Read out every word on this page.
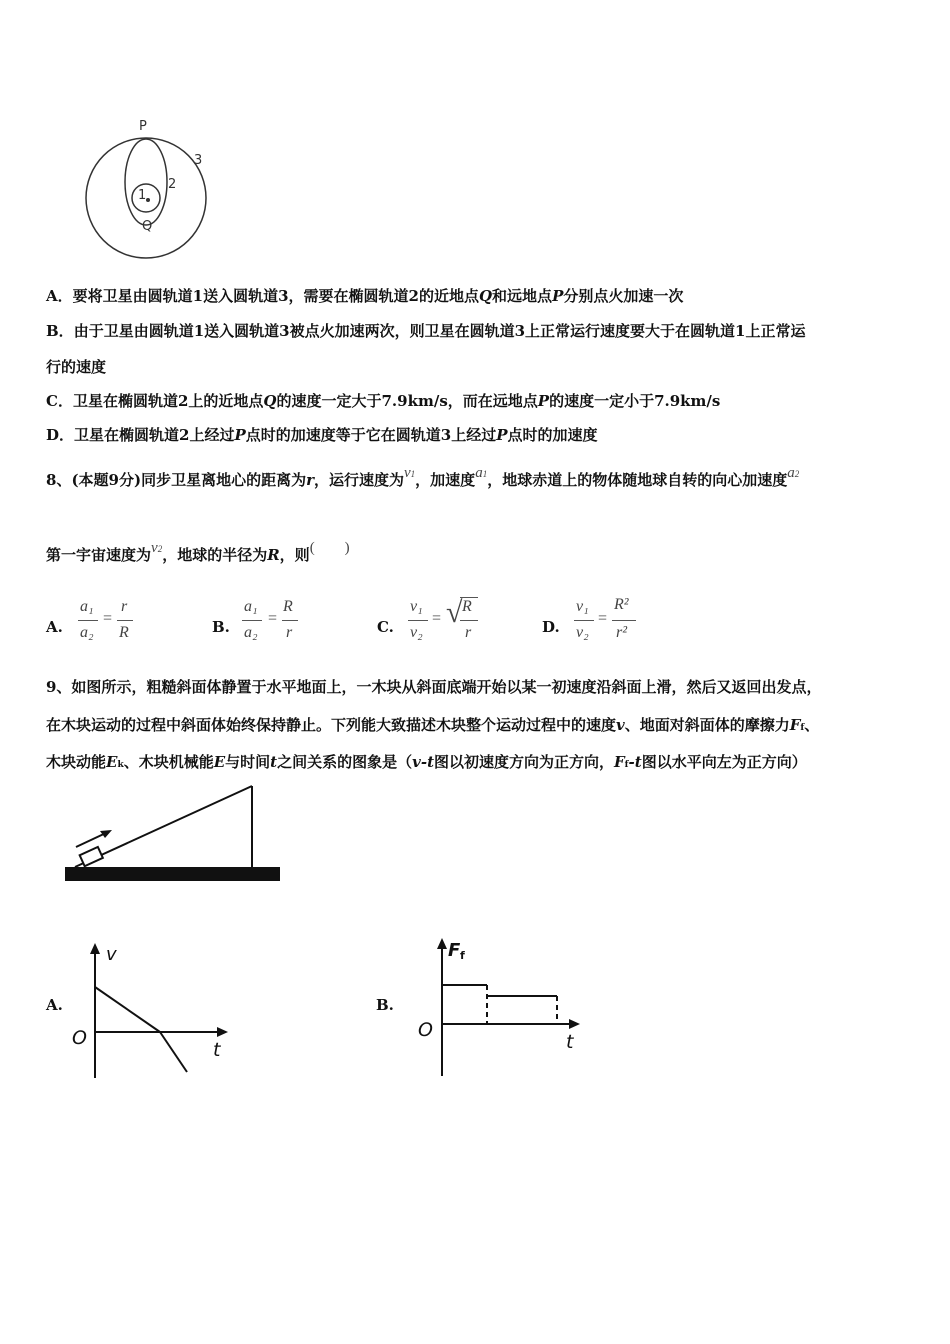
P
1
2
3
Q
A．要将卫星由圆轨道1送入圆轨道3，需要在椭圆轨道2的近地点Q和远地点P分别点火加速一次
B．由于卫星由圆轨道1送入圆轨道3被点火加速两次，则卫星在圆轨道3上正常运行速度要大于在圆轨道1上正常运
行的速度
C．卫星在椭圆轨道2上的近地点Q的速度一定大于7.9km/s，而在远地点P的速度一定小于7.9km/s
D．卫星在椭圆轨道2上经过P点时的加速度等于它在圆轨道3上经过P点时的加速度
8、(本题9分)同步卫星离地心的距离为r，运行速度为v1，加速度a1，地球赤道上的物体随地球自转的向心加速度a2
第一宇宙速度为v2，地球的半径为R，则(　　)
A.
a₁
a₂
=
r
R	B.
a₁
a₂
=
R
r	C.
v₁
v₂
= √ R
r	D.
v₁
v₂
=
R²
r²
9、如图所示，粗糙斜面体静置于水平地面上，一木块从斜面底端开始以某一初速度沿斜面上滑，然后又返回出发点，
在木块运动的过程中斜面体始终保持静止。下列能大致描述木块整个运动过程中的速度v、地面对斜面体的摩擦力Ff、
木块动能Ek、木块机械能E与时间t之间关系的图象是（v-t图以初速度方向为正方向，Ff-t图以水平向左为正方向）
A.
v
O
t
B.
F f
O
t
